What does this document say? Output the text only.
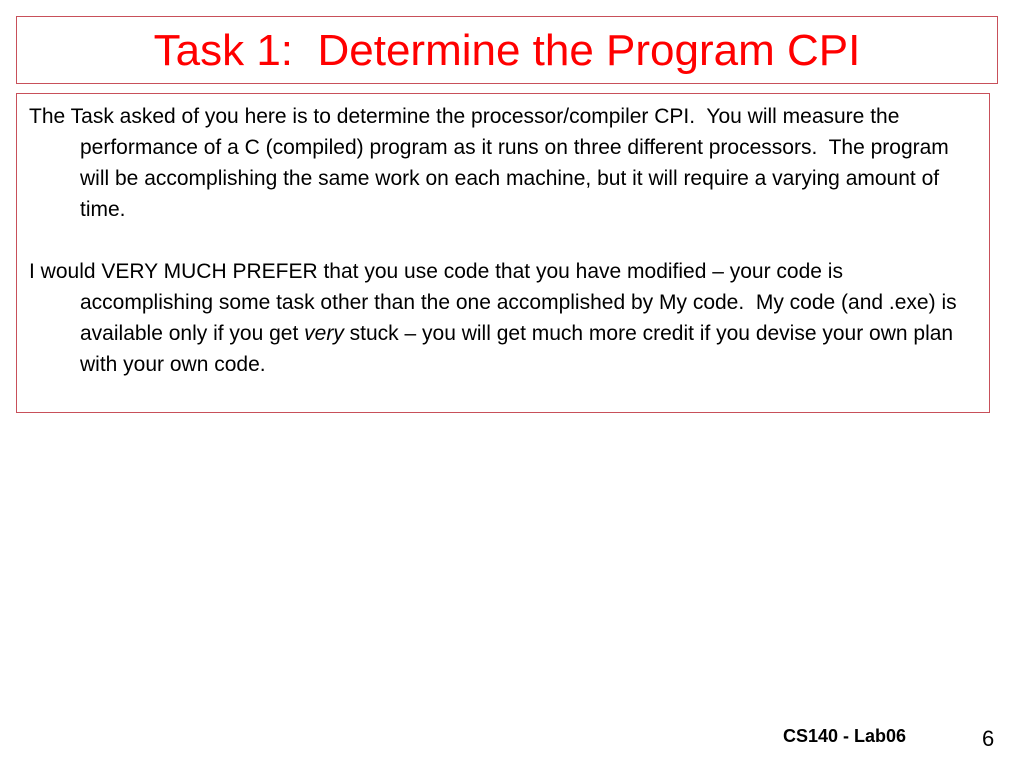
Task 1:  Determine the Program CPI

The Task asked of you here is to determine the processor/compiler CPI.  You will measure the performance of a C (compiled) program as it runs on three different processors.  The program will be accomplishing the same work on each machine, but it will require a varying amount of time.

I would VERY MUCH PREFER that you use code that you have modified – your code is accomplishing some task other than the one accomplished by My code.  My code (and .exe) is available only if you get very stuck – you will get much more credit if you devise your own plan with your own code.

CS140 - Lab06	6
